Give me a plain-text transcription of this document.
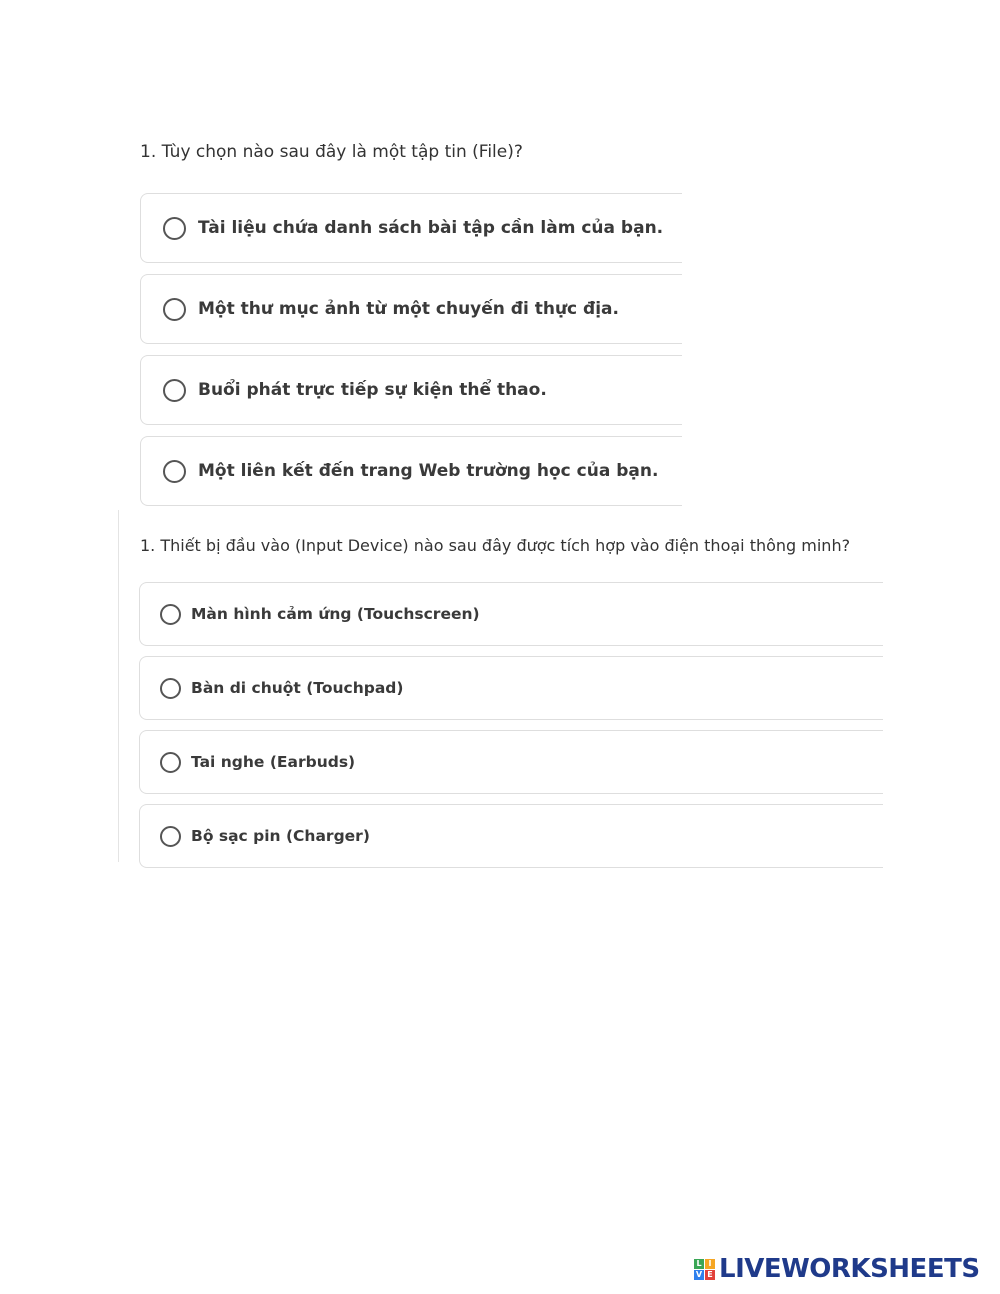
1. Tùy chọn nào sau đây là một tập tin (File)?
Tài liệu chứa danh sách bài tập cần làm của bạn.
Một thư mục ảnh từ một chuyến đi thực địa.
Buổi phát trực tiếp sự kiện thể thao.
Một liên kết đến trang Web trường học của bạn.
1. Thiết bị đầu vào (Input Device) nào sau đây được tích hợp vào điện thoại thông minh?
Màn hình cảm ứng (Touchscreen)
Bàn di chuột (Touchpad)
Tai nghe (Earbuds)
Bộ sạc pin (Charger)
L I
V E LIVEWORKSHEETS
